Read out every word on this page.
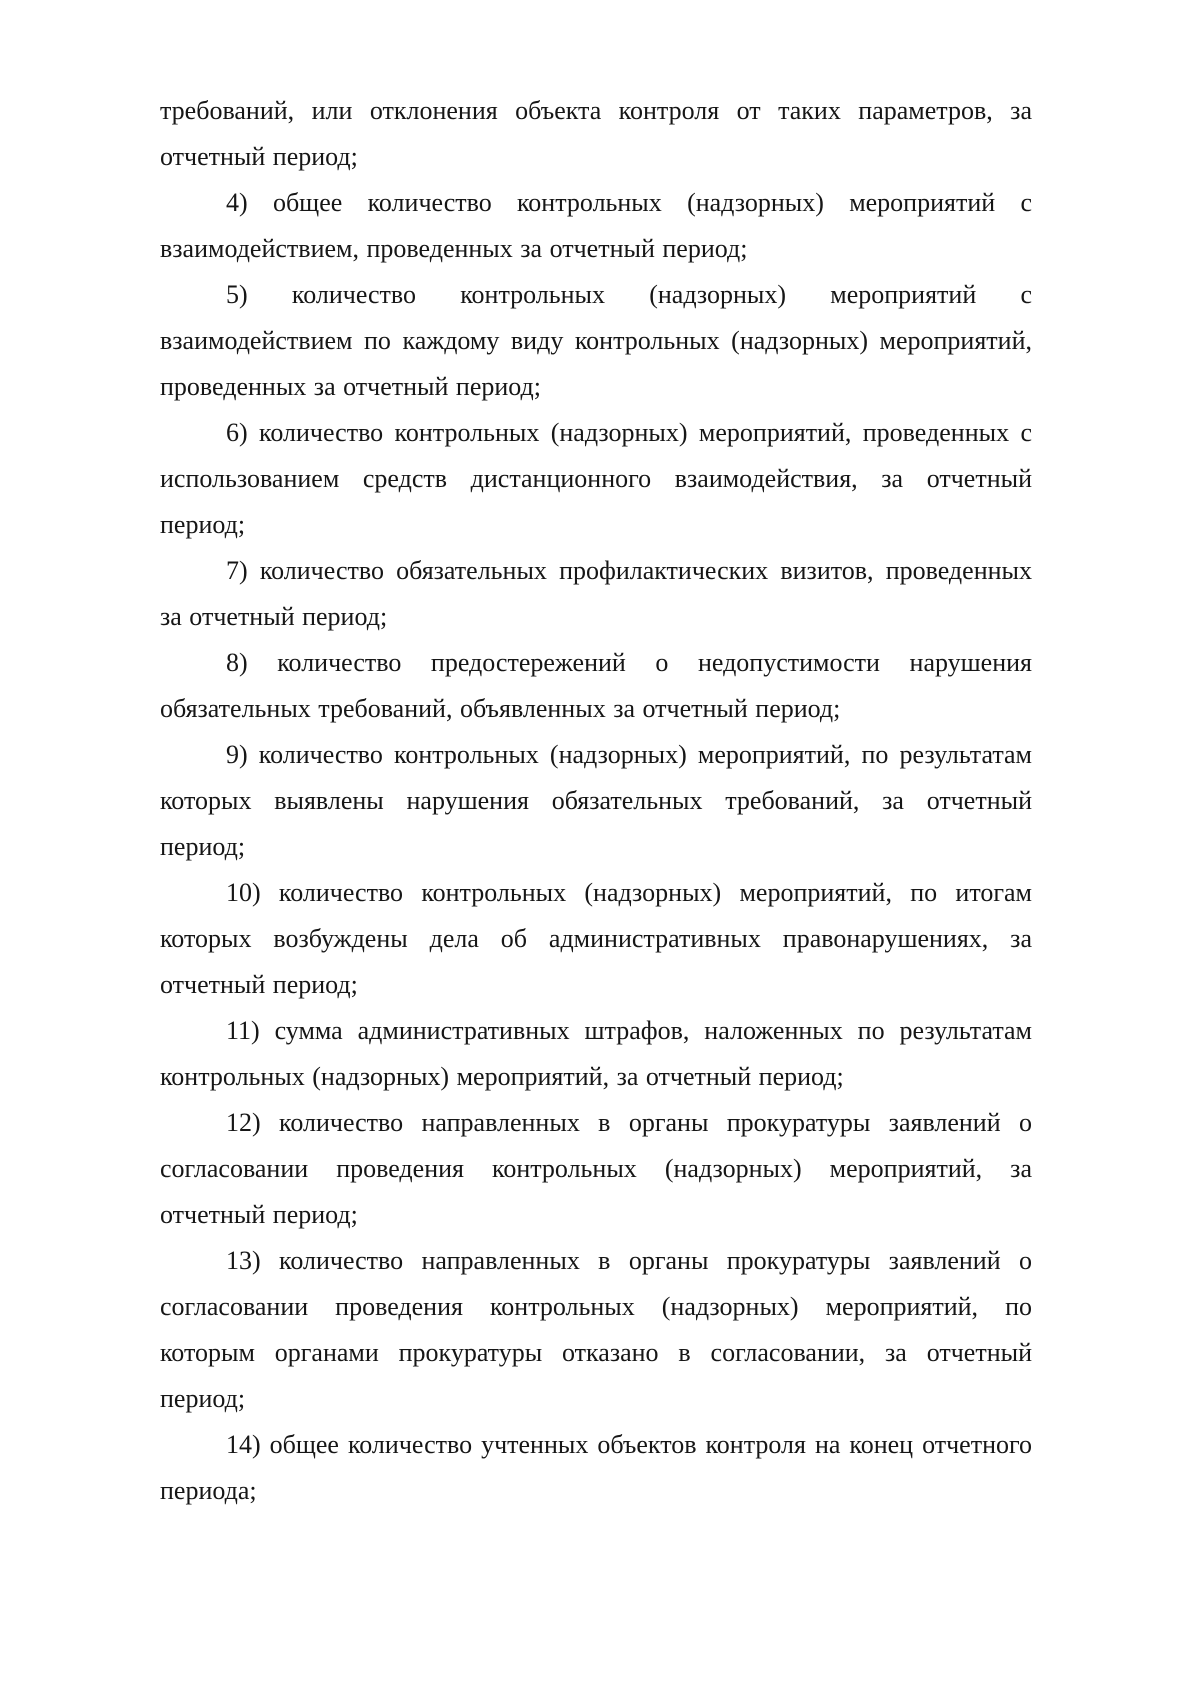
требований, или отклонения объекта контроля от таких параметров, за отчетный период;

4) общее количество контрольных (надзорных) мероприятий с взаимодействием, проведенных за отчетный период;

5) количество контрольных (надзорных) мероприятий с взаимодействием по каждому виду контрольных (надзорных) мероприятий, проведенных за отчетный период;

6) количество контрольных (надзорных) мероприятий, проведенных с использованием средств дистанционного взаимодействия, за отчетный период;

7) количество обязательных профилактических визитов, проведенных за отчетный период;

8) количество предостережений о недопустимости нарушения обязательных требований, объявленных за отчетный период;

9) количество контрольных (надзорных) мероприятий, по результатам которых выявлены нарушения обязательных требований, за отчетный период;

10) количество контрольных (надзорных) мероприятий, по итогам которых возбуждены дела об административных правонарушениях, за отчетный период;

11) сумма административных штрафов, наложенных по результатам контрольных (надзорных) мероприятий, за отчетный период;

12) количество направленных в органы прокуратуры заявлений о согласовании проведения контрольных (надзорных) мероприятий, за отчетный период;

13) количество направленных в органы прокуратуры заявлений о согласовании проведения контрольных (надзорных) мероприятий, по которым органами прокуратуры отказано в согласовании, за отчетный период;

14) общее количество учтенных объектов контроля на конец отчетного периода;
